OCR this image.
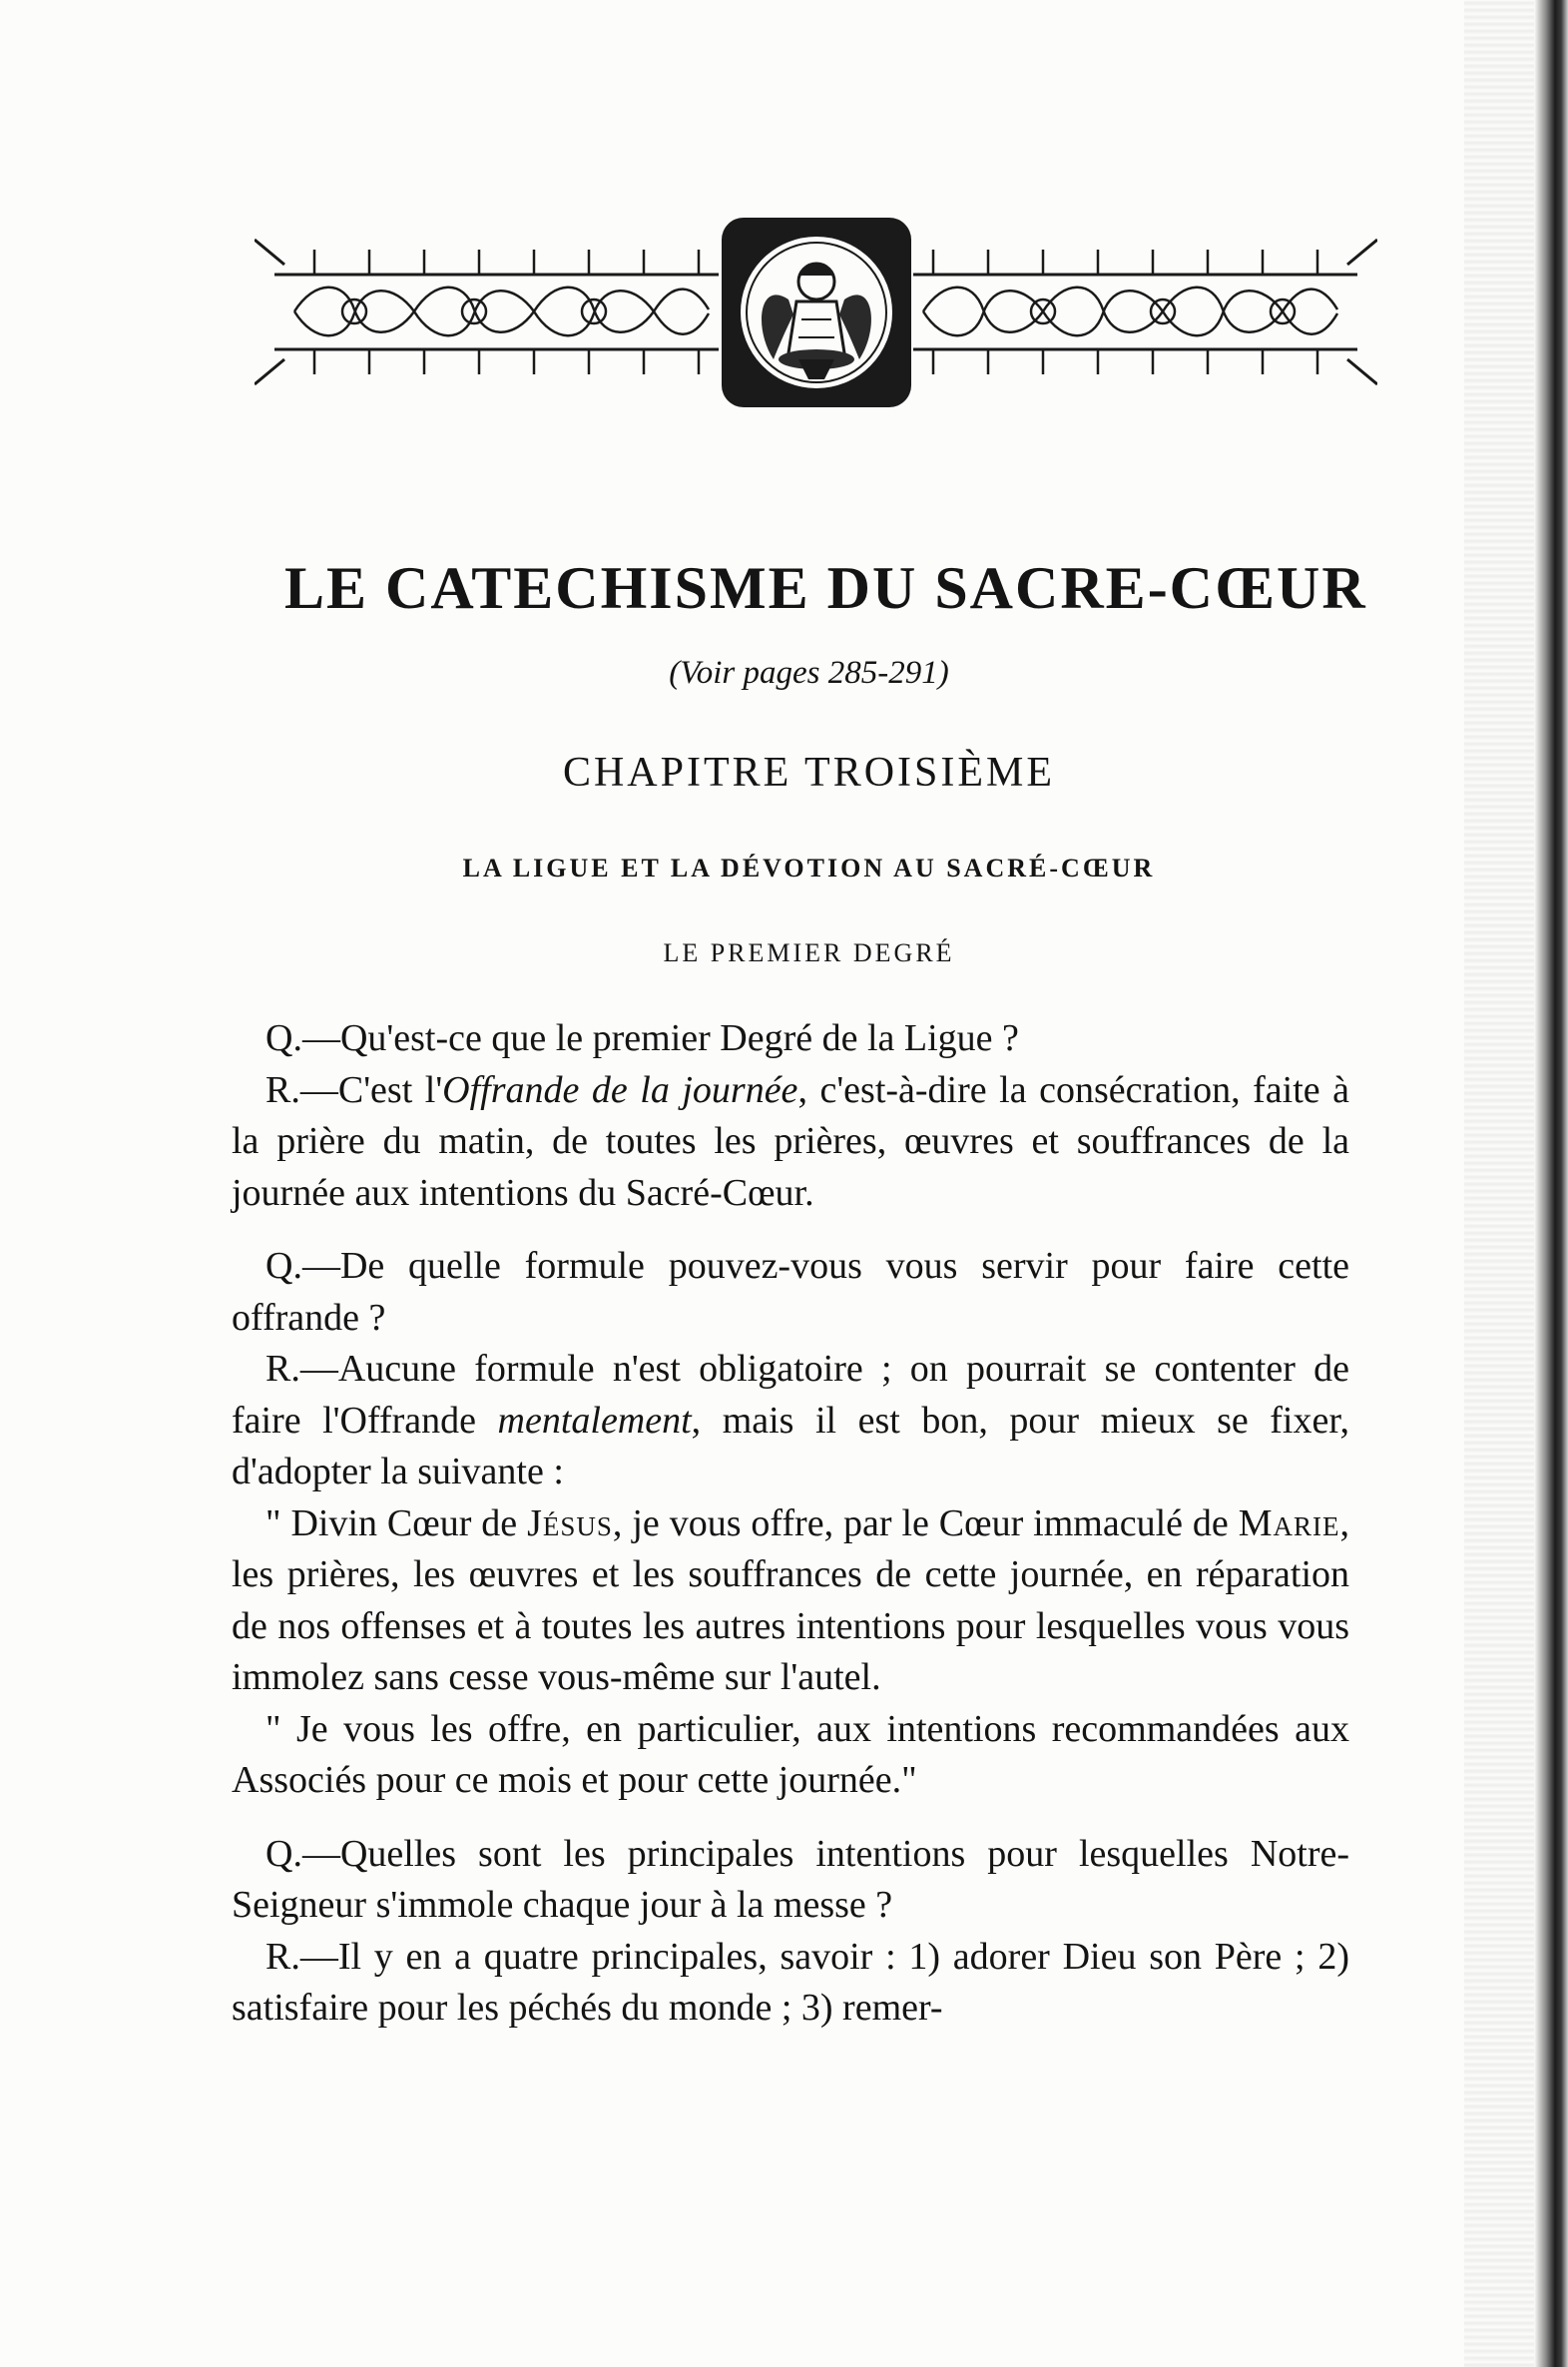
LE CATECHISME DU SACRE-CŒUR
(Voir pages 285-291)
CHAPITRE TROISIÈME
LA LIGUE ET LA DÉVOTION AU SACRÉ-CŒUR
LE PREMIER DEGRÉ

Q.—Qu'est-ce que le premier Degré de la Ligue ?

R.—C'est l'Offrande de la journée, c'est-à-dire la consécration, faite à la prière du matin, de toutes les prières, œuvres et souffrances de la journée aux intentions du Sacré-Cœur.

Q.—De quelle formule pouvez-vous vous servir pour faire cette offrande ?

R.—Aucune formule n'est obligatoire ; on pourrait se contenter de faire l'Offrande mentalement, mais il est bon, pour mieux se fixer, d'adopter la suivante :

" Divin Cœur de Jésus, je vous offre, par le Cœur immaculé de Marie, les prières, les œuvres et les souffrances de cette journée, en réparation de nos offenses et à toutes les autres intentions pour lesquelles vous vous immolez sans cesse vous-même sur l'autel.

" Je vous les offre, en particulier, aux intentions recommandées aux Associés pour ce mois et pour cette journée."

Q.—Quelles sont les principales intentions pour lesquelles Notre-Seigneur s'immole chaque jour à la messe ?

R.—Il y en a quatre principales, savoir : 1) adorer Dieu son Père ; 2) satisfaire pour les péchés du monde ; 3) remer-
